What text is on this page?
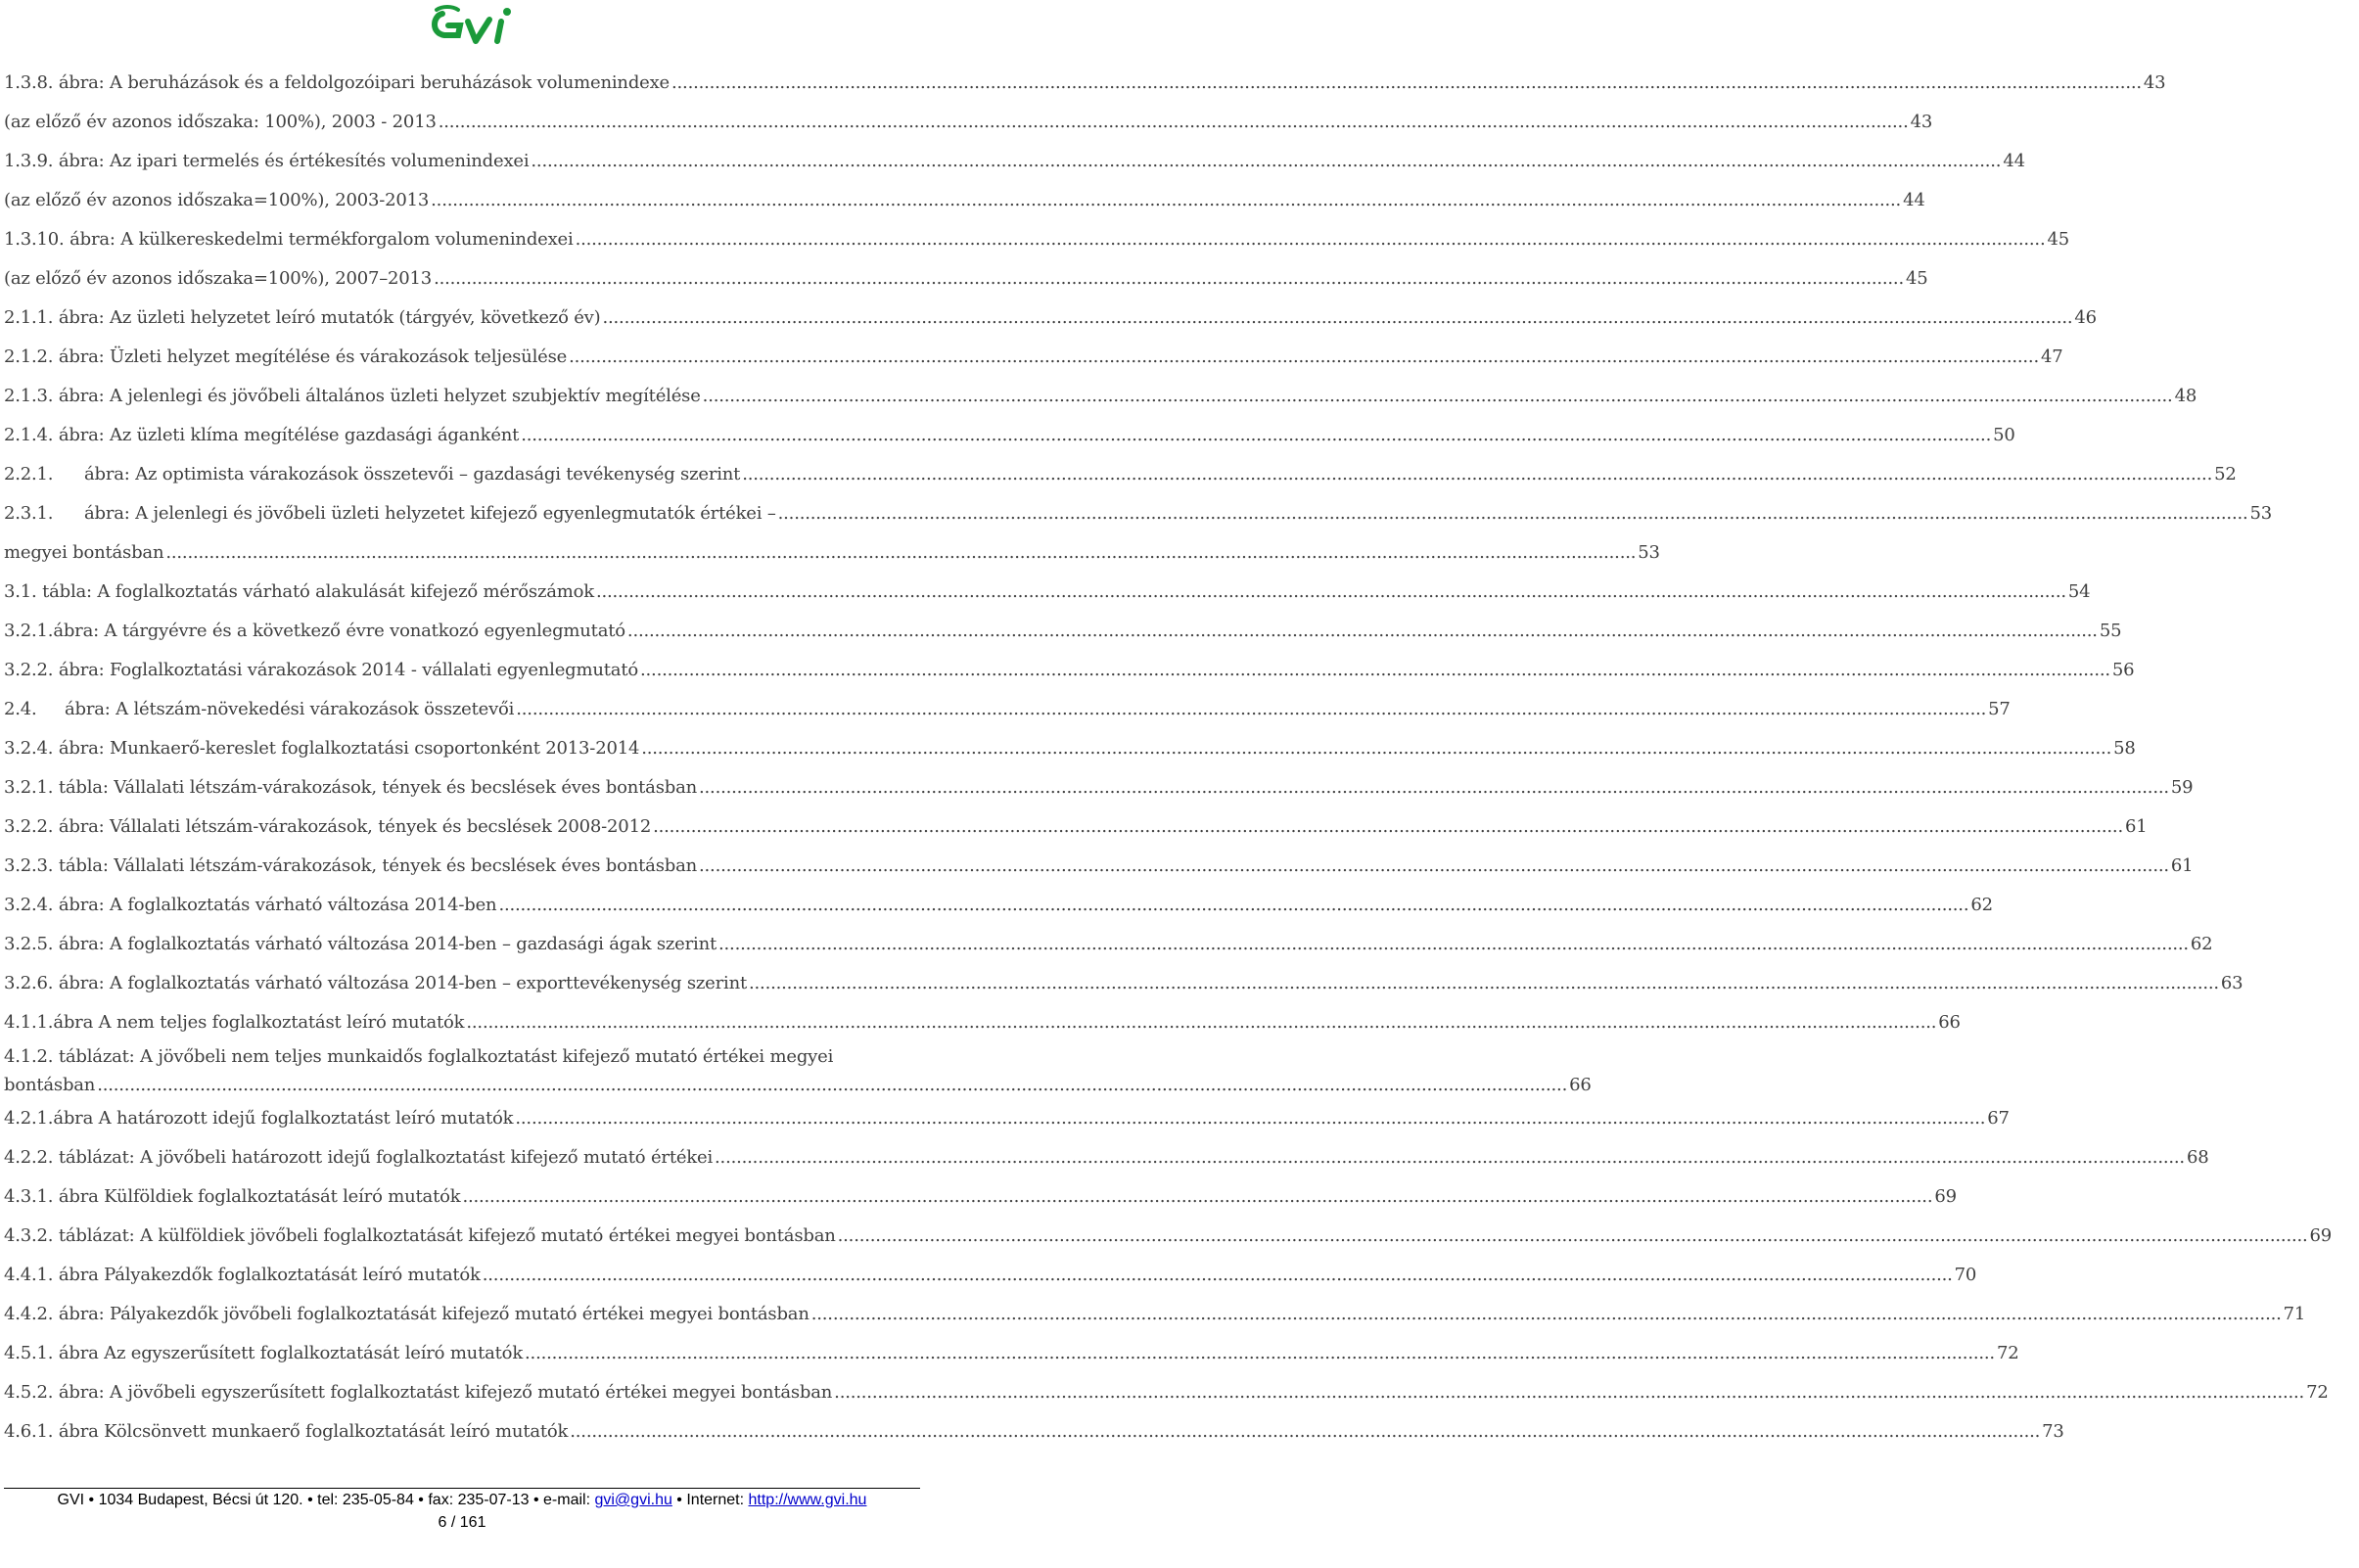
1.3.8. ábra: A beruházások és a feldolgozóipari beruházások volumenindexe .....	43
(az előző év azonos időszaka: 100%), 2003 - 2013 .....	43
1.3.9. ábra: Az ipari termelés és értékesítés volumenindexei .....	44
(az előző év azonos időszaka=100%), 2003-2013 .....	44
1.3.10. ábra: A külkereskedelmi termékforgalom volumenindexei .....	45
(az előző év azonos időszaka=100%), 2007–2013 .....	45
2.1.1. ábra: Az üzleti helyzetet leíró mutatók (tárgyév, következő év) .....	46
2.1.2. ábra: Üzleti helyzet megítélése és várakozások teljesülése .....	47
2.1.3. ábra: A jelenlegi és jövőbeli általános üzleti helyzet szubjektív megítélése .....	48
2.1.4. ábra: Az üzleti klíma megítélése gazdasági áganként .....	50
2.2.1. ábra: Az optimista várakozások összetevői – gazdasági tevékenység szerint .....	52
2.3.1. ábra: A jelenlegi és jövőbeli üzleti helyzetet kifejező egyenlegmutatók értékei – .....	53
megyei bontásban .....	53
3.1. tábla: A foglalkoztatás várható alakulását kifejező mérőszámok .....	54
3.2.1.ábra: A tárgyévre és a következő évre vonatkozó egyenlegmutató .....	55
3.2.2. ábra: Foglalkoztatási várakozások 2014 - vállalati egyenlegmutató .....	56
2.4. ábra: A létszám-növekedési várakozások összetevői .....	57
3.2.4. ábra: Munkaerő-kereslet foglalkoztatási csoportonként 2013-2014 .....	58
3.2.1. tábla: Vállalati létszám-várakozások, tények és becslések éves bontásban .....	59
3.2.2. ábra: Vállalati létszám-várakozások, tények és becslések 2008-2012 .....	61
3.2.3. tábla: Vállalati létszám-várakozások, tények és becslések éves bontásban .....	61
3.2.4. ábra: A foglalkoztatás várható változása 2014-ben .....	62
3.2.5. ábra: A foglalkoztatás várható változása 2014-ben – gazdasági ágak szerint .....	62
3.2.6. ábra: A foglalkoztatás várható változása 2014-ben – exporttevékenység szerint .....	63
4.1.1.ábra A nem teljes foglalkoztatást leíró mutatók .....	66
4.1.2. táblázat: A jövőbeli nem teljes munkaidős foglalkoztatást kifejező mutató értékei megyei
bontásban .....	66
4.2.1.ábra A határozott idejű foglalkoztatást leíró mutatók .....	67
4.2.2. táblázat: A jövőbeli határozott idejű foglalkoztatást kifejező mutató értékei .....	68
4.3.1. ábra Külföldiek foglalkoztatását leíró mutatók .....	69
4.3.2. táblázat: A külföldiek jövőbeli foglalkoztatását kifejező mutató értékei megyei bontásban .....	69
4.4.1. ábra Pályakezdők foglalkoztatását leíró mutatók .....	70
4.4.2. ábra: Pályakezdők jövőbeli foglalkoztatását kifejező mutató értékei megyei bontásban .....	71
4.5.1. ábra Az egyszerűsített foglalkoztatását leíró mutatók .....	72
4.5.2. ábra: A jövőbeli egyszerűsített foglalkoztatást kifejező mutató értékei megyei bontásban .....	72
4.6.1. ábra Kölcsönvett munkaerő foglalkoztatását leíró mutatók .....	73
GVI • 1034 Budapest, Bécsi út 120. • tel: 235-05-84 • fax: 235-07-13 • e-mail: gvi@gvi.hu • Internet: http://www.gvi.hu
6 / 161
